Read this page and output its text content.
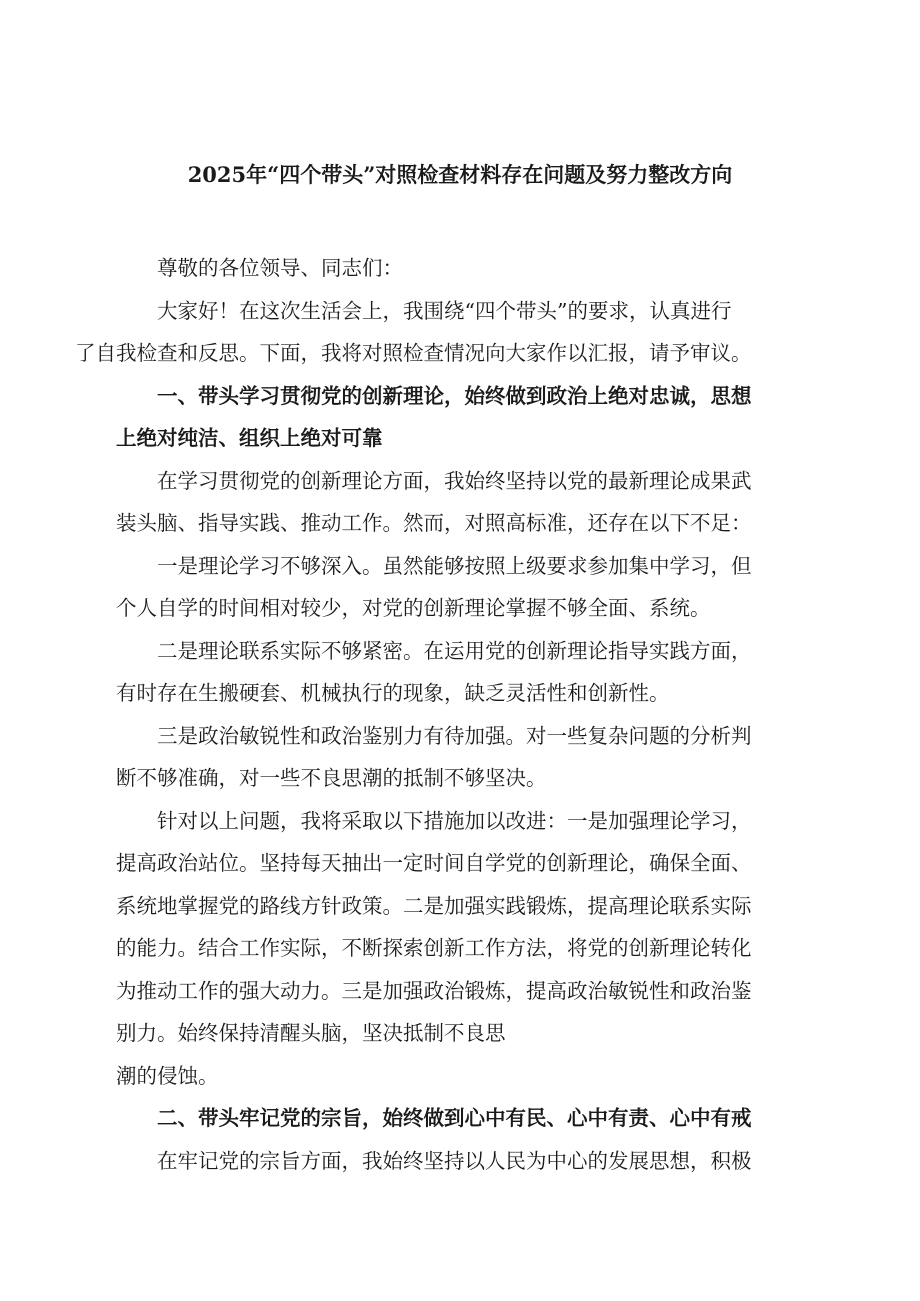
2025年“四个带头”对照检查材料存在问题及努力整改方向

尊敬的各位领导、同志们：

大家好！在这次生活会上，我围绕“四个带头”的要求，认真进行
了自我检查和反思。下面，我将对照检查情况向大家作以汇报，请予审议。

一、带头学习贯彻党的创新理论，始终做到政治上绝对忠诚，思想
上绝对纯洁、组织上绝对可靠

在学习贯彻党的创新理论方面，我始终坚持以党的最新理论成果武
装头脑、指导实践、推动工作。然而，对照高标准，还存在以下不足：

一是理论学习不够深入。虽然能够按照上级要求参加集中学习，但
个人自学的时间相对较少，对党的创新理论掌握不够全面、系统。

二是理论联系实际不够紧密。在运用党的创新理论指导实践方面，
有时存在生搬硬套、机械执行的现象，缺乏灵活性和创新性。

三是政治敏锐性和政治鉴别力有待加强。对一些复杂问题的分析判
断不够准确，对一些不良思潮的抵制不够坚决。

针对以上问题，我将采取以下措施加以改进：一是加强理论学习，
提高政治站位。坚持每天抽出一定时间自学党的创新理论，确保全面、
系统地掌握党的路线方针政策。二是加强实践锻炼，提高理论联系实际
的能力。结合工作实际，不断探索创新工作方法，将党的创新理论转化
为推动工作的强大动力。三是加强政治锻炼，提高政治敏锐性和政治鉴
别力。始终保持清醒头脑，坚决抵制不良思
潮的侵蚀。

二、带头牢记党的宗旨，始终做到心中有民、心中有责、心中有戒

在牢记党的宗旨方面，我始终坚持以人民为中心的发展思想，积极
